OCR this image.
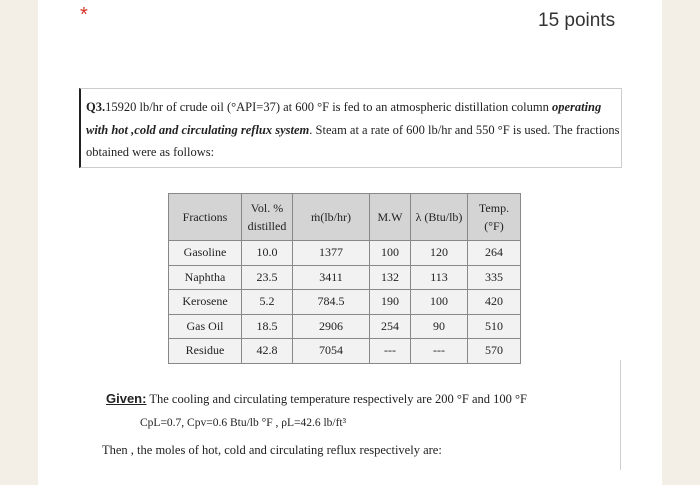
*	15 points
Q3.15920 lb/hr of crude oil (°API=37) at 600 °F is fed to an atmospheric distillation column operating with hot ,cold and circulating reflux system. Steam at a rate of 600 lb/hr and 550 °F is used. The fractions obtained were as follows:
Fractions	Vol. % distilled	ṁ(lb/hr)	M.W	λ (Btu/lb)	Temp. (°F)
Gasoline	10.0	1377	100	120	264
Naphtha	23.5	3411	132	113	335
Kerosene	5.2	784.5	190	100	420
Gas Oil	18.5	2906	254	90	510
Residue	42.8	7054	---	---	570
Given: The cooling and circulating temperature respectively are 200 °F and 100 °F
CpL=0.7, Cpv=0.6 Btu/lb °F , ρL=42.6 lb/ft³
Then , the moles of hot, cold and circulating reflux respectively are:
